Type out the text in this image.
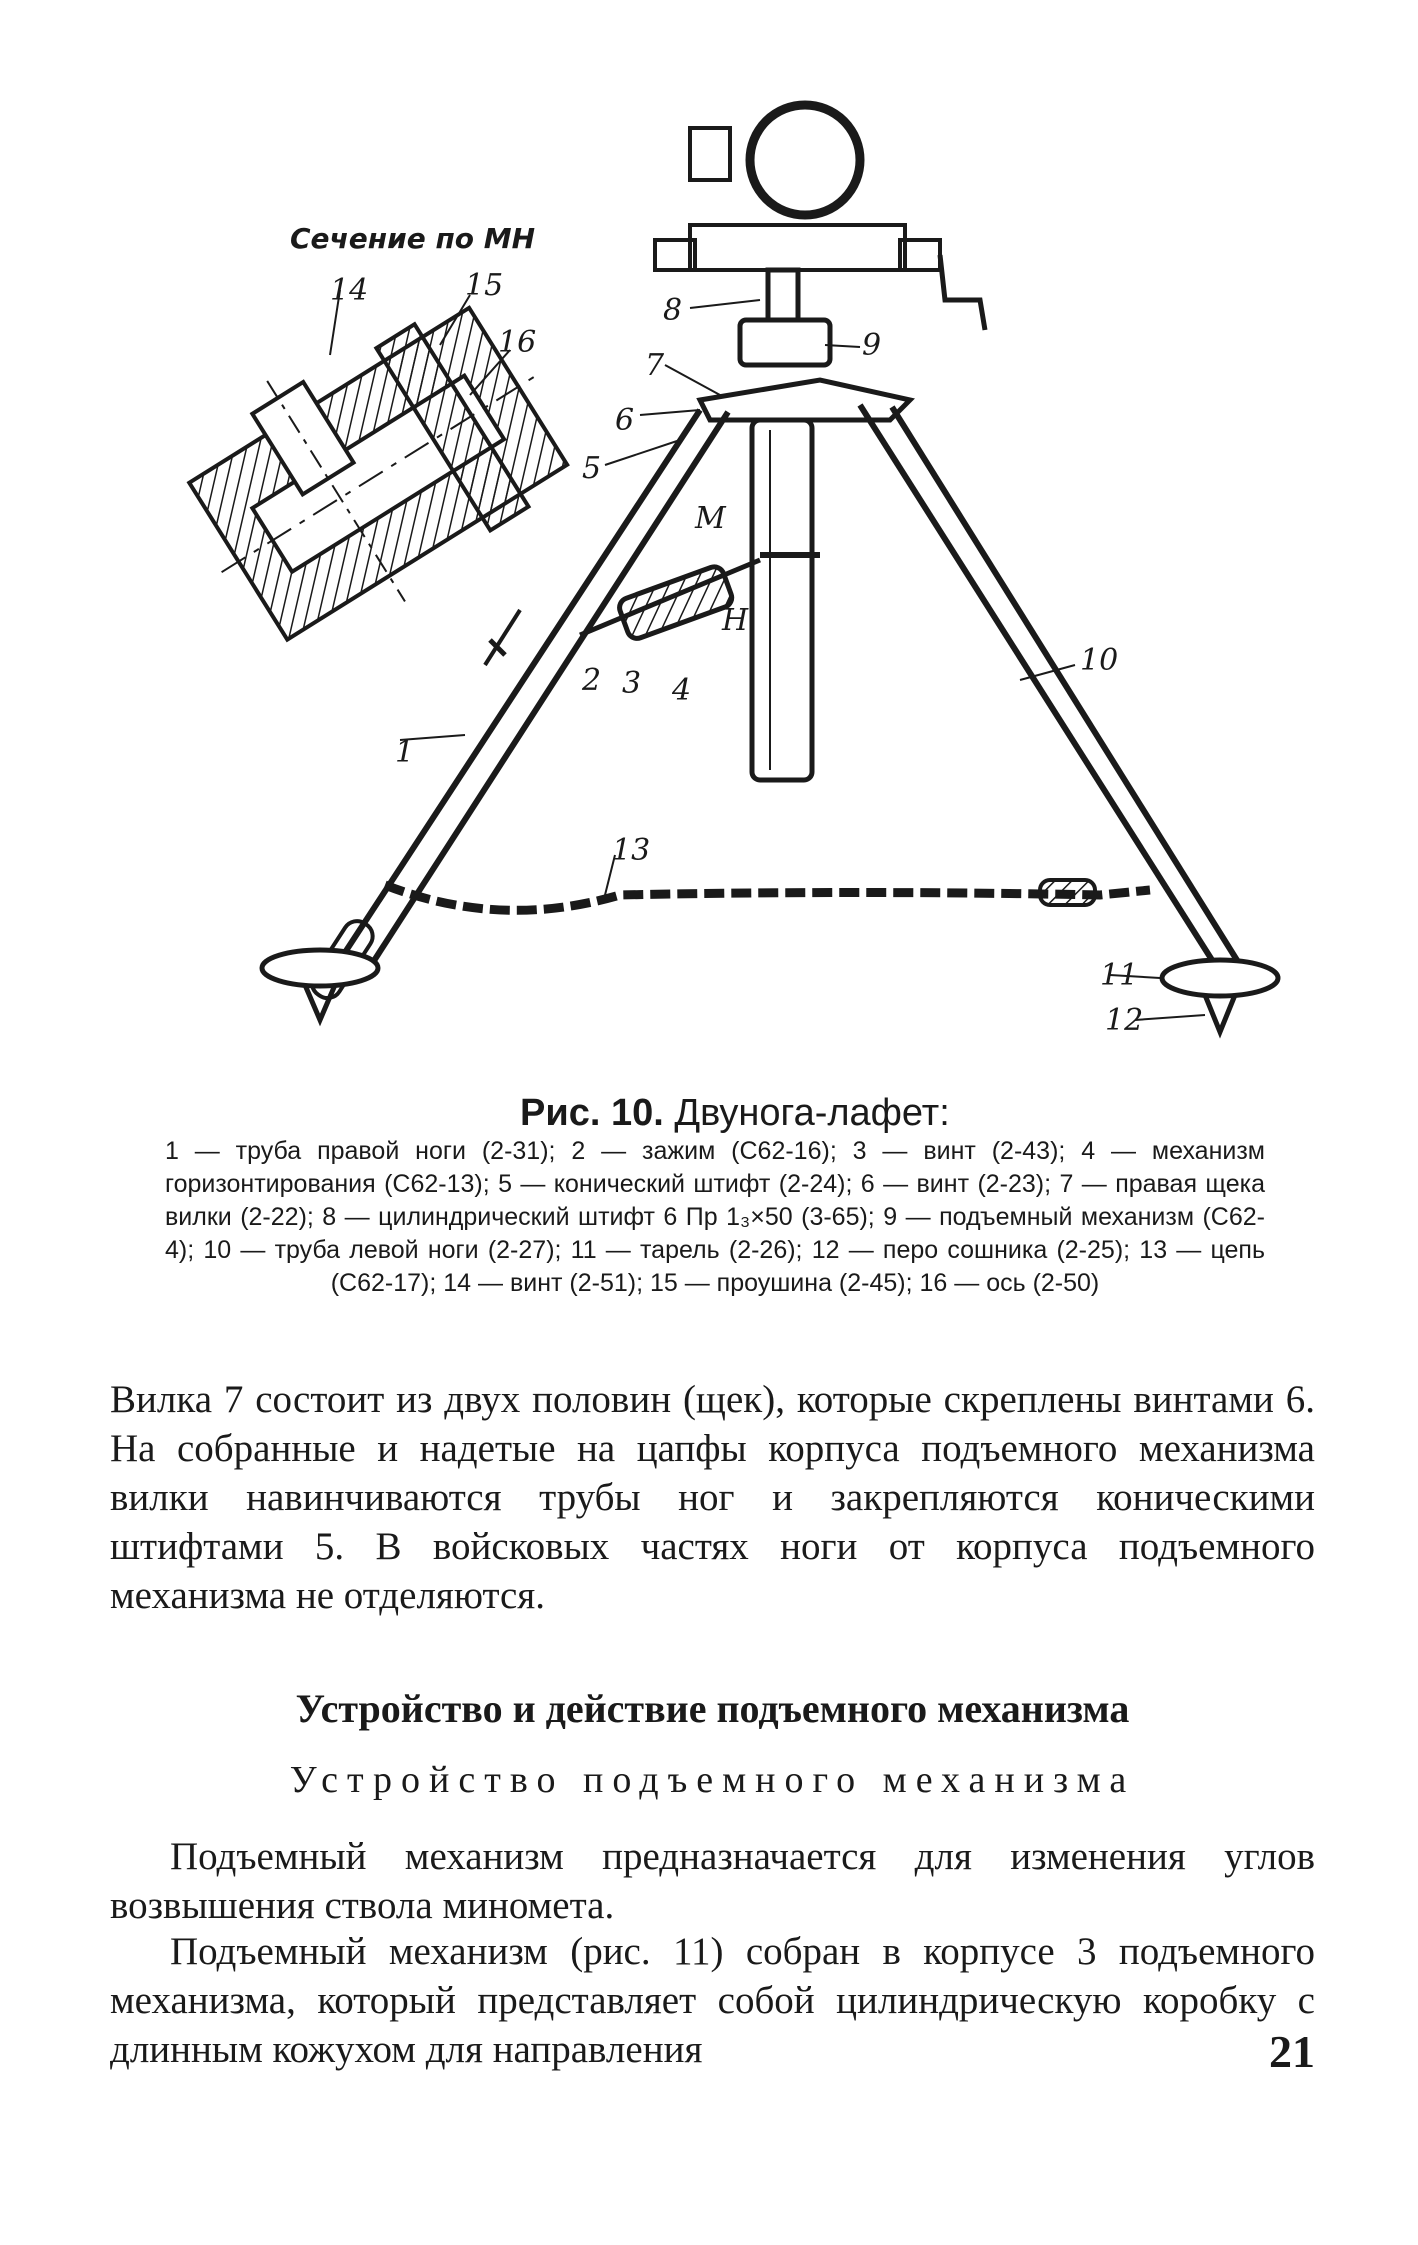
Сечение по МН
1
2 3 4
5
6
7
8
9
10
11
12
13
14	15
16
М
Н
Рис. 10. Двунога-лафет:
1 — труба правой ноги (2-31); 2 — зажим (С62-16); 3 — винт (2-43); 4 — механизм горизонтирования (С62-13); 5 — конический штифт (2-24); 6 — винт (2-23); 7 — правая щека вилки (2-22); 8 — цилиндрический штифт 6 Пр 1₃×50 (3-65); 9 — подъемный механизм (С62-4); 10 — труба левой ноги (2-27); 11 — тарель (2-26); 12 — перо сошника (2-25); 13 — цепь (С62-17); 14 — винт (2-51); 15 — проушина (2-45); 16 — ось (2-50)
Вилка 7 состоит из двух половин (щек), которые скреплены винтами 6. На собранные и надетые на цапфы корпуса подъемного механизма вилки навинчиваются трубы ног и закрепляются коническими штифтами 5. В войсковых частях ноги от корпуса подъемного механизма не отделяются.
Устройство и действие подъемного механизма
Устройство подъемного механизма
Подъемный механизм предназначается для изменения углов возвышения ствола миномета.
Подъемный механизм (рис. 11) собран в корпусе 3 подъемного механизма, который представляет собой цилиндрическую коробку с длинным кожухом для направления	21
